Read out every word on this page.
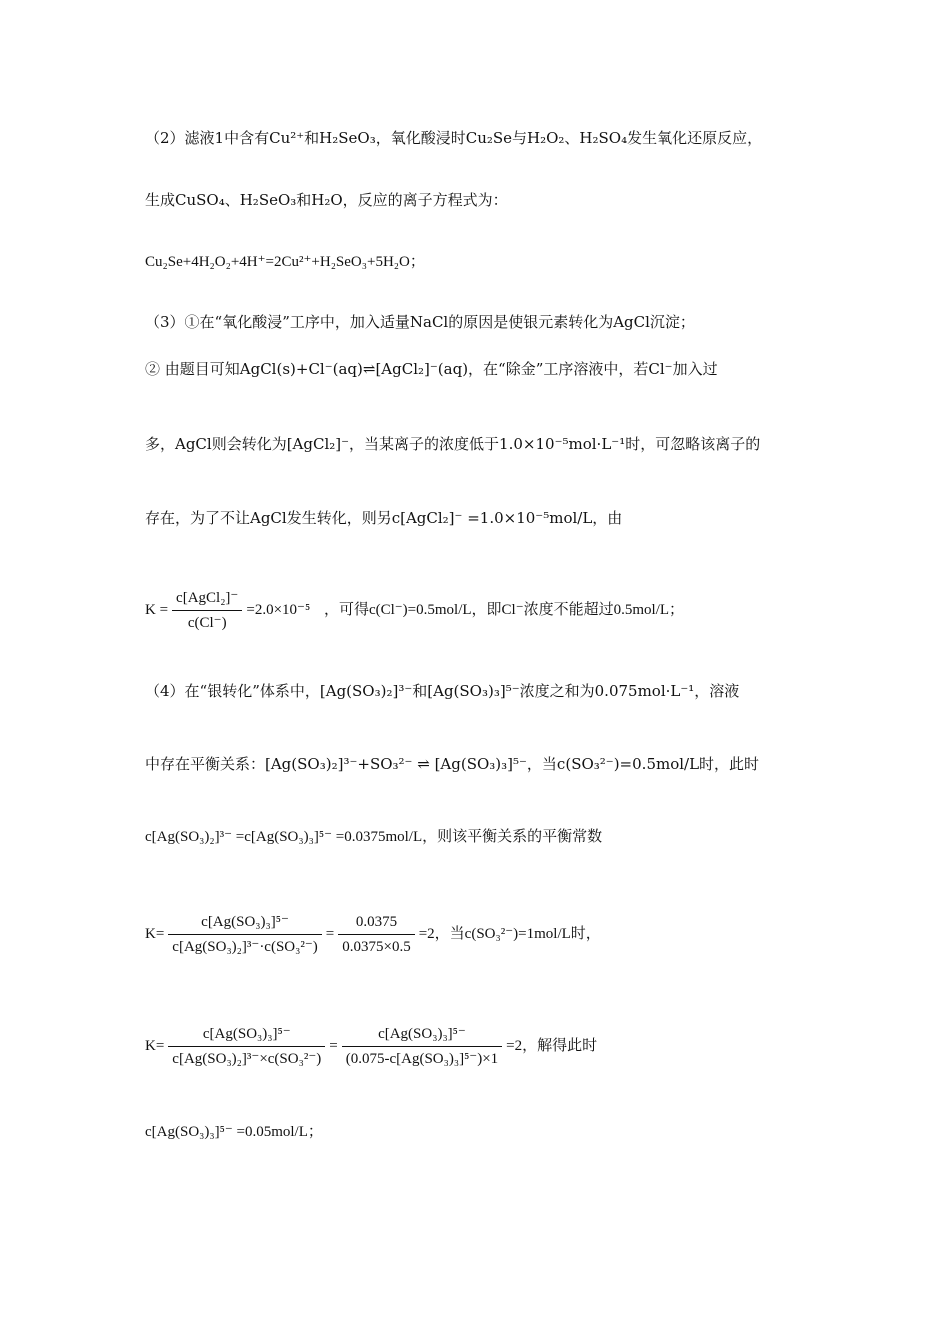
（2）滤液1中含有Cu²⁺和H₂SeO₃，氧化酸浸时Cu₂Se与H₂O₂、H₂SO₄发生氧化还原反应，
生成CuSO₄、H₂SeO₃和H₂O，反应的离子方程式为：
Cu₂Se+4H₂O₂+4H⁺=2Cu²⁺+H₂SeO₃+5H₂O；
（3）①在“氧化酸浸”工序中，加入适量NaCl的原因是使银元素转化为AgCl沉淀；
② 由题目可知AgCl(s)+Cl⁻(aq)⇌[AgCl₂]⁻(aq)，在“除金”工序溶液中，若Cl⁻加入过
多，AgCl则会转化为[AgCl₂]⁻，当某离子的浓度低于1.0×10⁻⁵mol·L⁻¹时，可忽略该离子的
存在，为了不让AgCl发生转化，则另c[AgCl₂]⁻ =1.0×10⁻⁵mol/L，由
$K = \frac{\text{c[AgCl₂]⁻}}{c(Cl^-)} =2.0\times 10^{-5}$ ，可得c(Cl⁻)=0.5mol/L，即Cl⁻浓度不能超过0.5mol/L；
（4）在“银转化”体系中，[Ag(SO₃)₂]³⁻和[Ag(SO₃)₃]⁵⁻浓度之和为0.075mol·L⁻¹，溶液
中存在平衡关系：[Ag(SO₃)₂]³⁻+SO₃²⁻ ⇌ [Ag(SO₃)₃]⁵⁻，当c(SO₃²⁻)=0.5mol/L时，此时
c[Ag(SO₃)₂]³⁻ =c[Ag(SO₃)₃]⁵⁻ =0.0375mol/L，则该平衡关系的平衡常数
$K= \frac{\text{c[Ag(SO₃)₃]⁵⁻}}{\text{c[Ag(SO₃)₂]³⁻·c(SO₃²⁻)}} = \frac{0.0375}{0.0375\times 0.5} =2$，当c(SO₃²⁻)=1mol/L时，
$K= \frac{\text{c[Ag(SO₃)₃]⁵⁻}}{\text{c[Ag(SO₃)₂]³⁻×c(SO₃²⁻)}} = \frac{\text{c[Ag(SO₃)₃]⁵⁻}}{\text{(0.075-c[Ag(SO₃)₃]⁵⁻)×1}} =2$，解得此时
c[Ag(SO₃)₃]⁵⁻ =0.05mol/L；
